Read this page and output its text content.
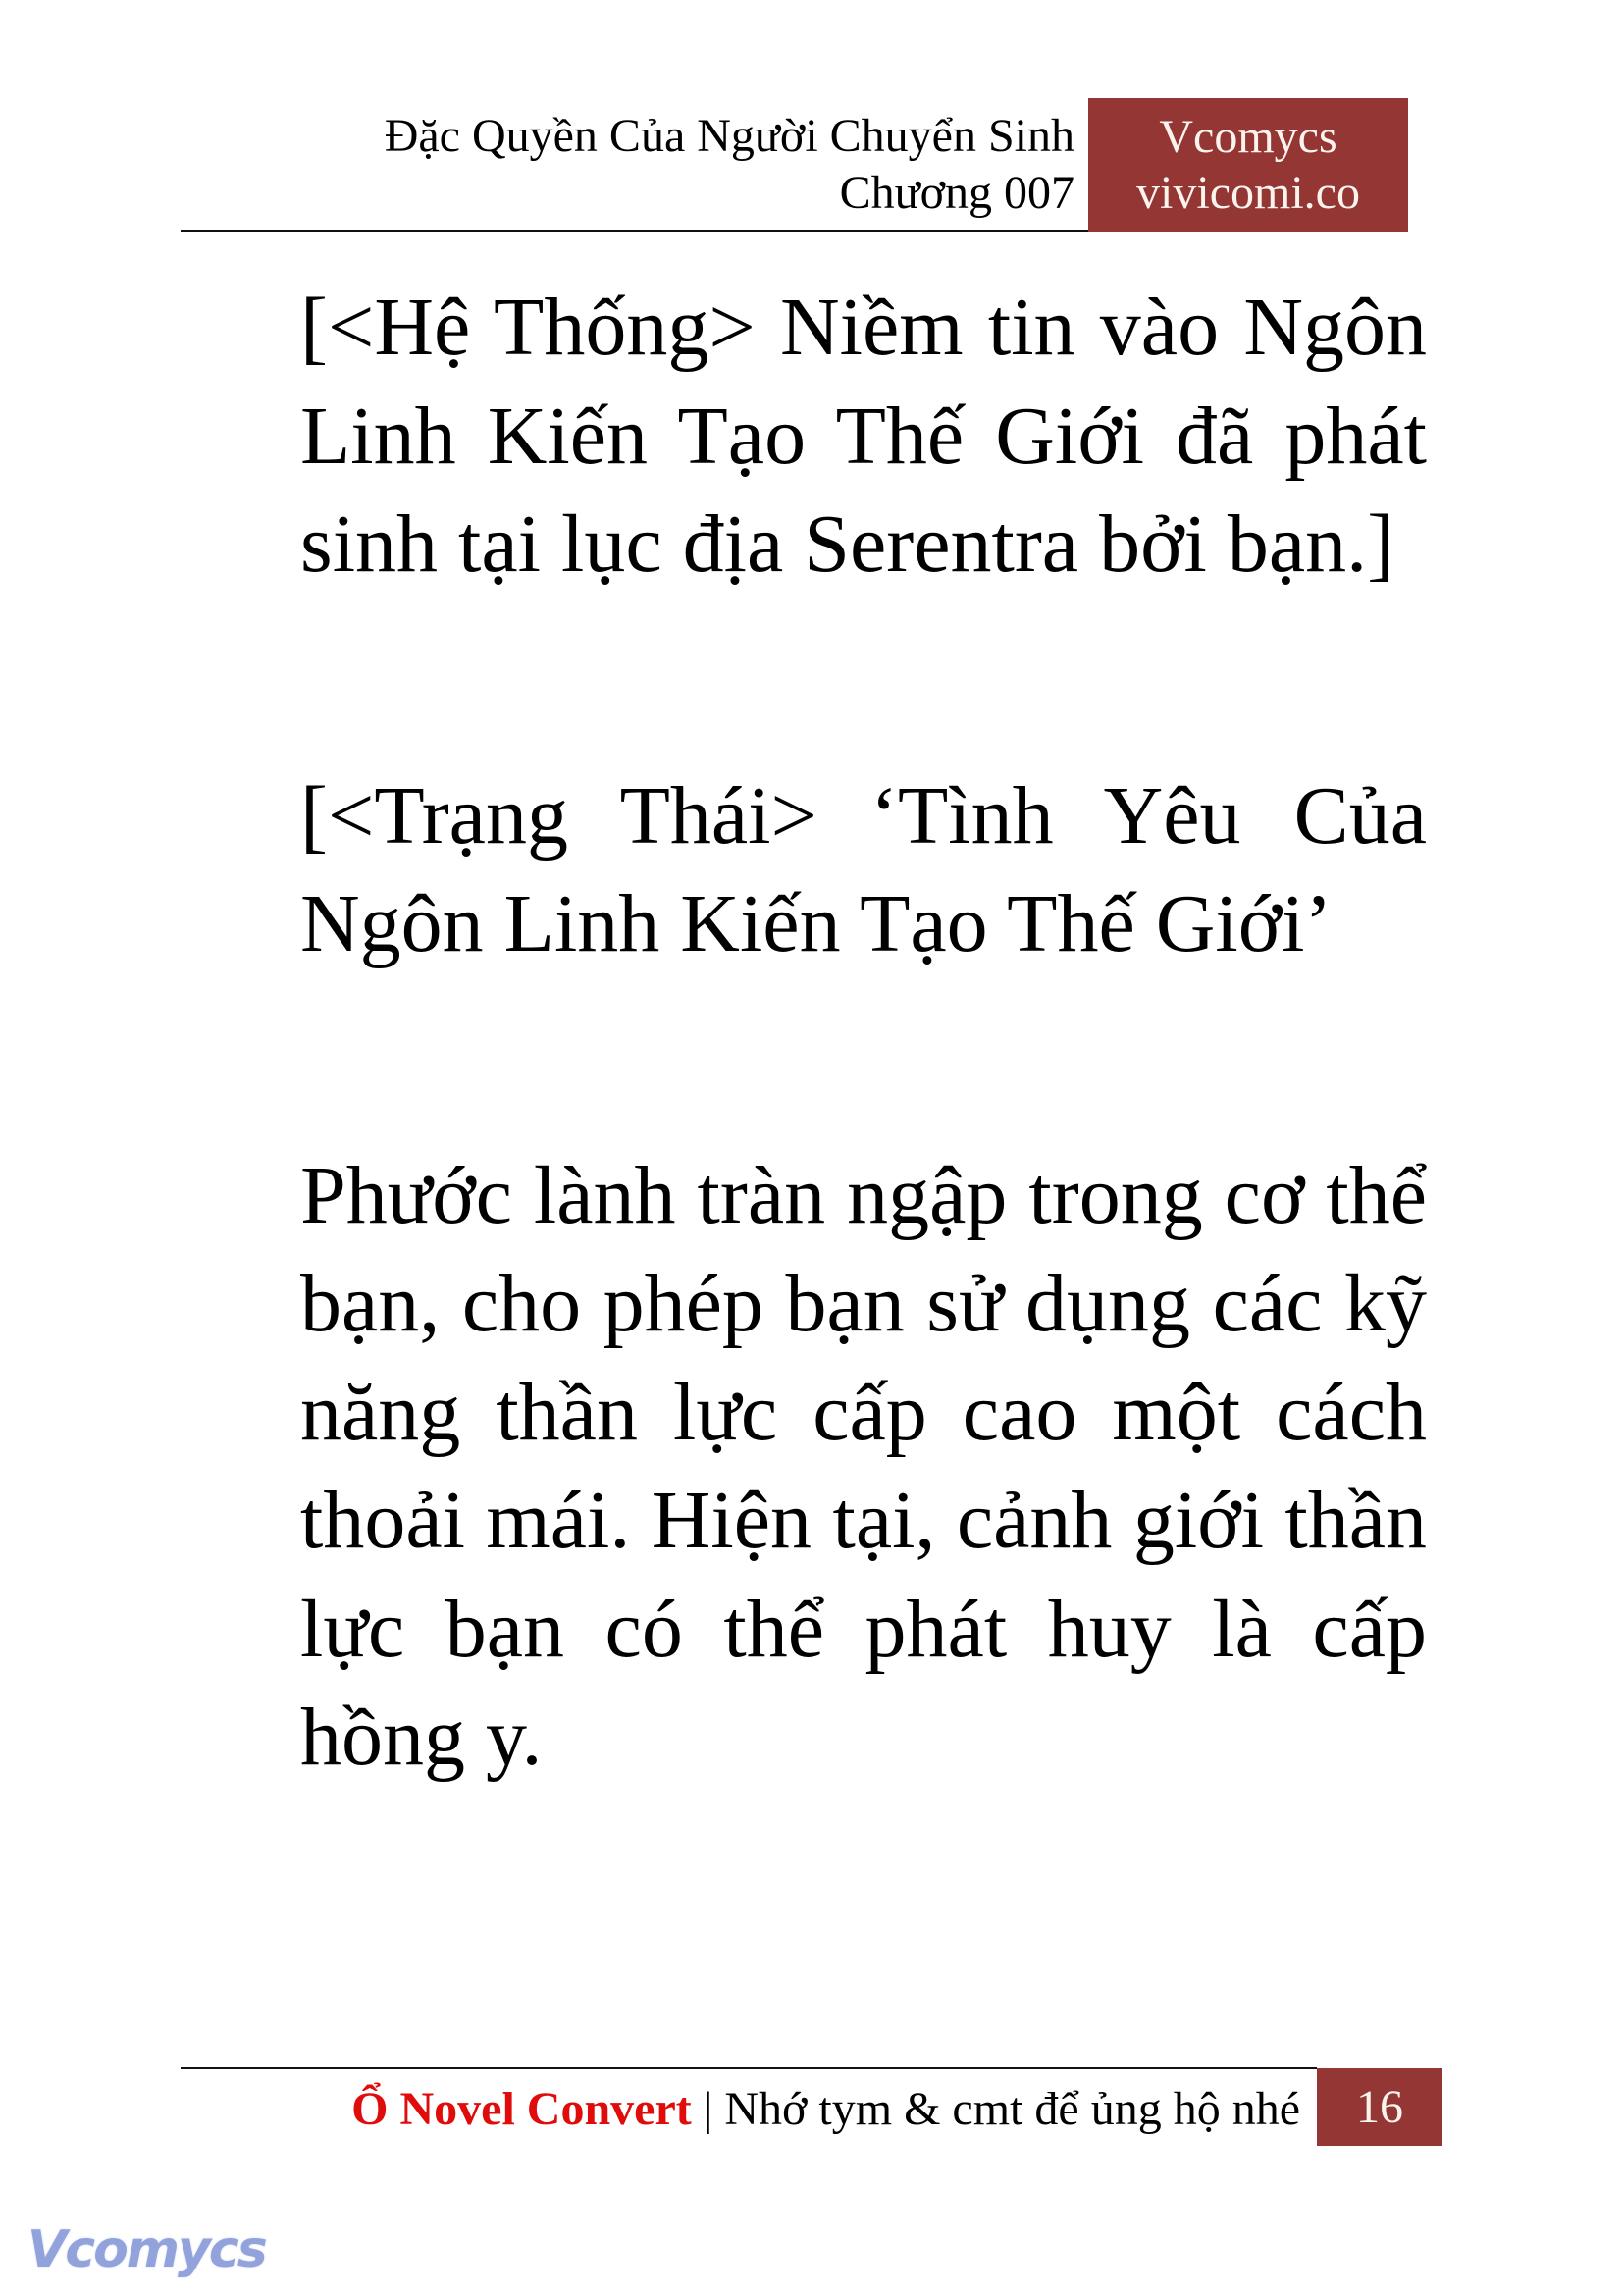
Đặc Quyền Của Người Chuyển Sinh
Chương 007
Vcomycs
vivicomi.co

[<Hệ Thống> Niềm tin vào Ngôn Linh Kiến Tạo Thế Giới đã phát sinh tại lục địa Serentra bởi bạn.]

[<Trạng Thái> ‘Tình Yêu Của Ngôn Linh Kiến Tạo Thế Giới’

Phước lành tràn ngập trong cơ thể bạn, cho phép bạn sử dụng các kỹ năng thần lực cấp cao một cách thoải mái. Hiện tại, cảnh giới thần lực bạn có thể phát huy là cấp hồng y.

Ổ Novel Convert | Nhớ tym & cmt để ủng hộ nhé	16
Vcomycs
